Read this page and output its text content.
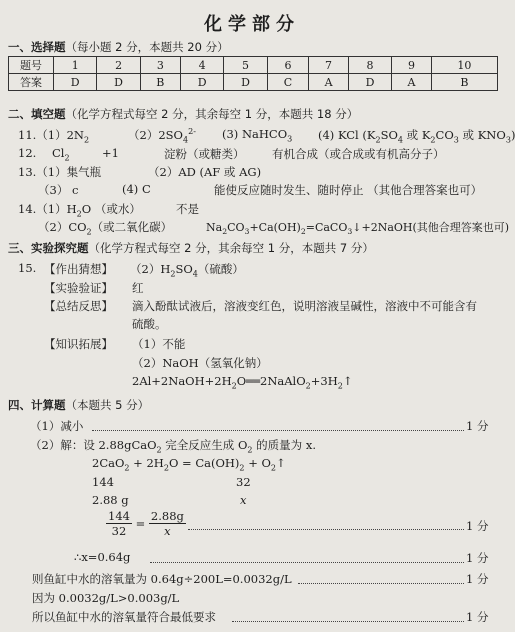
化学部分
一、选择题（每小题 2 分，本题共 20 分）
题号	1	2	3	4	5	6	7	8	9	10
答案	D	D	B	D	D	C	A	D	A	B
二、填空题（化学方程式每空 2 分，其余每空 1 分，本题共 18 分）
$11.(1)2N_2$	$(2)2SO_4^{2-}$ (3) NaHCO$_3$ (4) KCl ($K_2SO_4$ 或 $K_2CO_3$ 或 $KNO_3$)
12. $Cl_2$	+1	淀粉（或糖类） 有机合成（或合成或有机高分子）
13.（1）集气瓶	（2）AD (AF 或 AG)
（3） c	(4) C	能使反应随时发生、随时停止 （其他合理答案也可）
$14.(1)H_2O$ （或水）	不是
$(2)CO_2$（或二氧化碳）	$Na_2CO_3+Ca(OH)_2=CaCO_3↓+2NaOH$(其他合理答案也可)
三、实验探究题（化学方程式每空 2 分，其余每空 1 分，本题共 7 分）
15. 【作出猜想】 $(2)H_2SO_4$（硫酸）
【实验验证】 红
【总结反思】 滴入酚酞试液后，溶液变红色，说明溶液呈碱性，溶液中不可能含有
硫酸。
【知识拓展】 （1）不能
（2）NaOH（氢氧化钠）
$2Al+2NaOH+2H_2O══2NaAlO_2+3H_2↑$
四、计算题（本题共 5 分）
（1）减小	1 分
（2）解：设 2.88gCaO$_2$ 完全反应生成 $O_2$ 的质量为 x.
$2CaO_2 + 2H_2O = Ca(OH)_2$ + $O_2↑$
144	32
2.88 g	x
$\frac{144}{32} = \frac{2.88g}{x}$	1 分
∴x=0.64g	1 分
则鱼缸中水的溶氧量为 0.64g÷200L=0.0032g/L	1 分
因为 0.0032g/L>0.003g/L
所以鱼缸中水的溶氧量符合最低要求	1 分
